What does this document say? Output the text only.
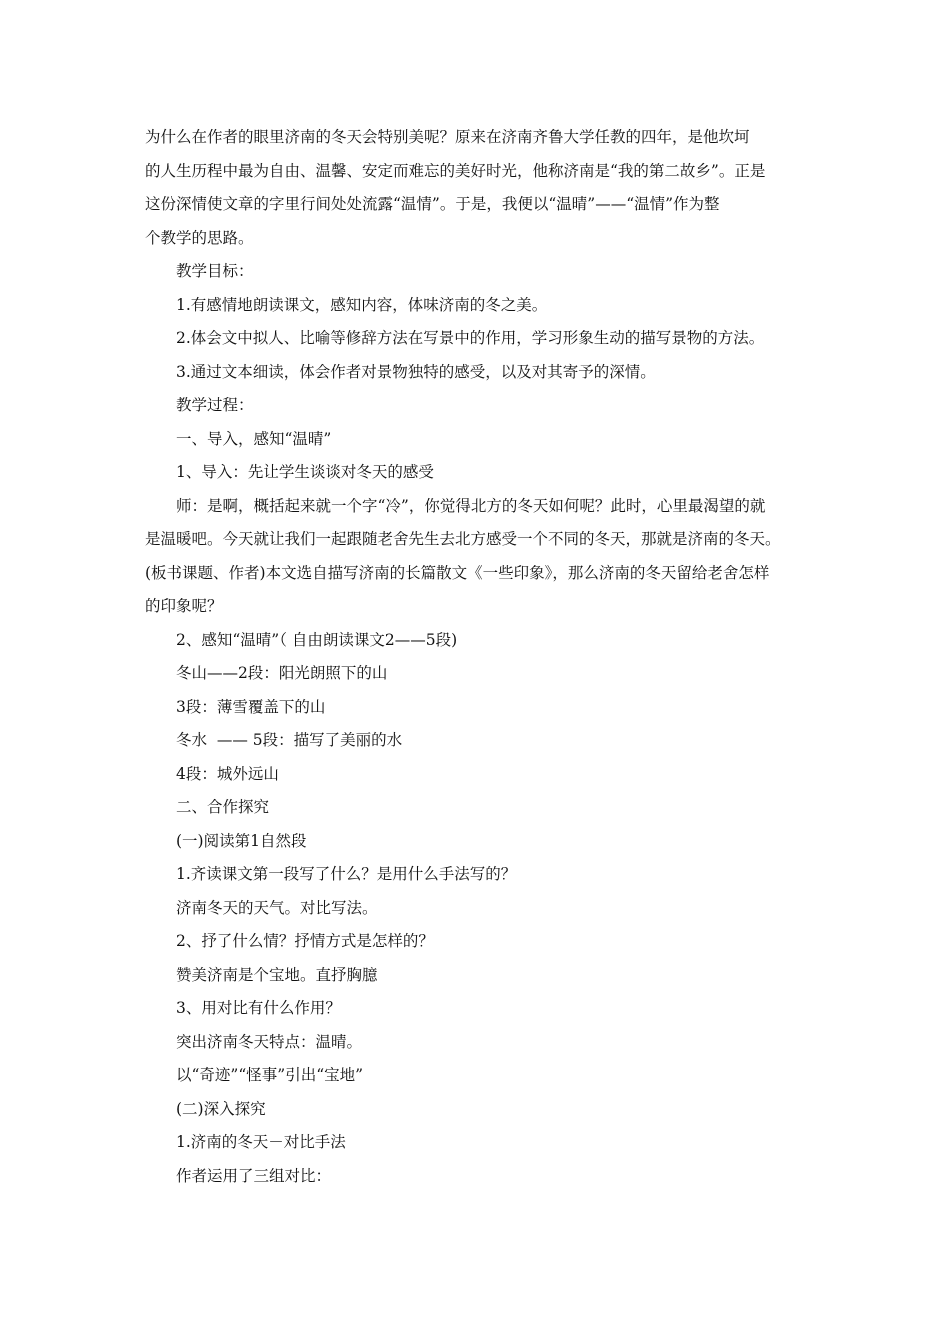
为什么在作者的眼里济南的冬天会特别美呢？原来在济南齐鲁大学任教的四年，是他坎坷

的人生历程中最为自由、温馨、安定而难忘的美好时光，他称济南是“我的第二故乡”。正是

这份深情使文章的字里行间处处流露“温情”。于是，我便以“温晴”——“温情”作为整

个教学的思路。

教学目标：

1.有感情地朗读课文，感知内容，体味济南的冬之美。

2.体会文中拟人、比喻等修辞方法在写景中的作用，学习形象生动的描写景物的方法。

3.通过文本细读，体会作者对景物独特的感受，以及对其寄予的深情。

教学过程：

一、导入，感知“温晴”

1、导入：先让学生谈谈对冬天的感受

师：是啊，概括起来就一个字“冷”，你觉得北方的冬天如何呢？此时，心里最渴望的就

是温暖吧。今天就让我们一起跟随老舍先生去北方感受一个不同的冬天，那就是济南的冬天。

(板书课题、作者)本文选自描写济南的长篇散文《一些印象》，那么济南的冬天留给老舍怎样

的印象呢？

2、感知“温晴”（ 自由朗读课文2——5段)

冬山——2段：阳光朗照下的山

3段：薄雪覆盖下的山

冬水  —— 5段：描写了美丽的水

4段：城外远山

二、合作探究

(一)阅读第1自然段

1.齐读课文第一段写了什么？是用什么手法写的？

济南冬天的天气。对比写法。

2、抒了什么情？抒情方式是怎样的？

赞美济南是个宝地。直抒胸臆

3、用对比有什么作用？

突出济南冬天特点：温晴。

以“奇迹”“怪事”引出“宝地”

(二)深入探究

1.济南的冬天－对比手法

作者运用了三组对比：
